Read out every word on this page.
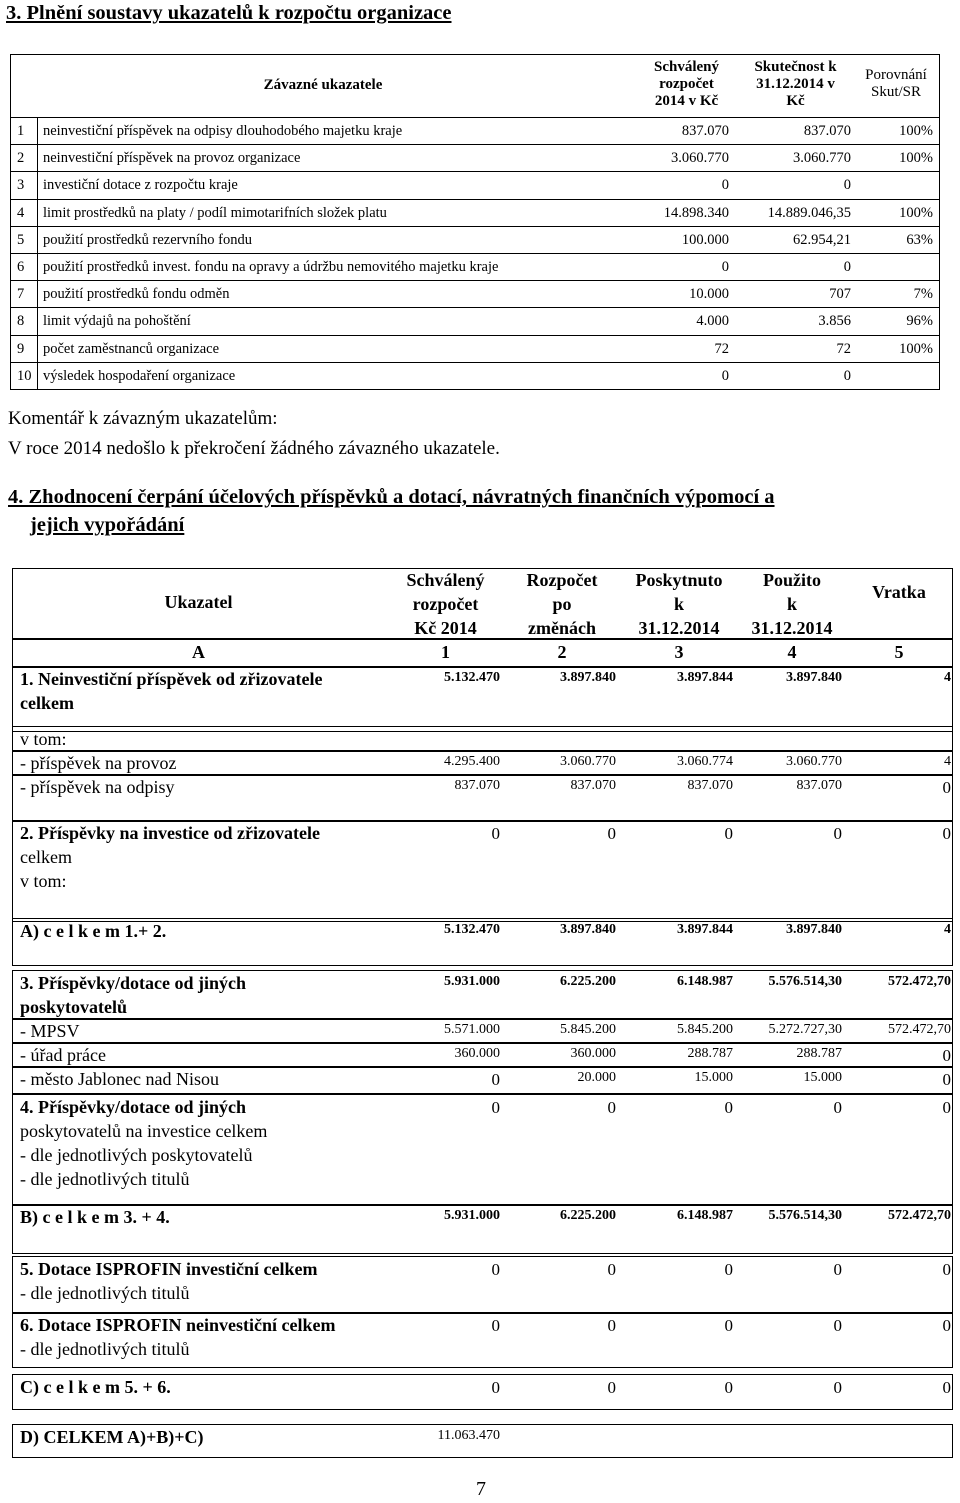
3. Plnění soustavy ukazatelů k rozpočtu organizace
Závazné ukazatele
Schválený
rozpočet
2014 v Kč
Skutečnost k
31.12.2014 v
Kč
Porovnání
Skut/SR
1 neinvestiční příspěvek na odpisy dlouhodobého majetku kraje	837.070	837.070	100%
2 neinvestiční příspěvek na provoz organizace	3.060.770	3.060.770	100%
3 investiční dotace z rozpočtu kraje	0	0
4 limit prostředků na platy / podíl mimotarifních složek platu	14.898.340	14.889.046,35	100%
5 použití prostředků rezervního fondu	100.000	62.954,21	63%
6 použití prostředků invest. fondu na opravy a údržbu nemovitého majetku kraje	0	0
7 použití prostředků fondu odměn	10.000	707	7%
8 limit výdajů na pohoštění	4.000	3.856	96%
9 počet zaměstnanců organizace	72	72	100%
10 výsledek hospodaření organizace	0	0
Komentář k závazným ukazatelům:
V roce 2014 nedošlo k překročení žádného závazného ukazatele.
4. Zhodnocení čerpání účelových příspěvků a dotací, návratných finančních výpomocí a
jejich vypořádání
Ukazatel
Schválený
rozpočet
Kč 2014
Rozpočet
po
změnách
Poskytnuto
k
31.12.2014
Použito
k
31.12.2014
Vratka
A	1	2	3	4	5
1. Neinvestiční příspěvek od zřizovatele
celkem
5.132.470	3.897.840	3.897.844	3.897.840	4
v tom:
- příspěvek na provoz	4.295.400	3.060.770	3.060.774	3.060.770	4
- příspěvek na odpisy	837.070	837.070	837.070	837.070	0
2. Příspěvky na investice od zřizovatele
celkem
v tom:
0	0	0	0	0
A) c e l k e m 1.+ 2.	5.132.470	3.897.840	3.897.844	3.897.840	4
3. Příspěvky/dotace od jiných
poskytovatelů
5.931.000	6.225.200	6.148.987	5.576.514,30	572.472,70
- MPSV	5.571.000	5.845.200	5.845.200	5.272.727,30	572.472,70
- úřad práce	360.000	360.000	288.787	288.787	0
- město Jablonec nad Nisou	0	20.000	15.000	15.000	0
4. Příspěvky/dotace od jiných
poskytovatelů na investice celkem
- dle jednotlivých poskytovatelů
- dle jednotlivých titulů
0	0	0	0	0
B) c e l k e m 3. + 4.	5.931.000	6.225.200	6.148.987	5.576.514,30	572.472,70
5. Dotace ISPROFIN investiční celkem
- dle jednotlivých titulů
0	0	0	0	0
6. Dotace ISPROFIN neinvestiční celkem
- dle jednotlivých titulů
0	0	0	0	0
C) c e l k e m 5. + 6.	0	0	0	0	0
D) CELKEM A)+B)+C)	11.063.470
7
